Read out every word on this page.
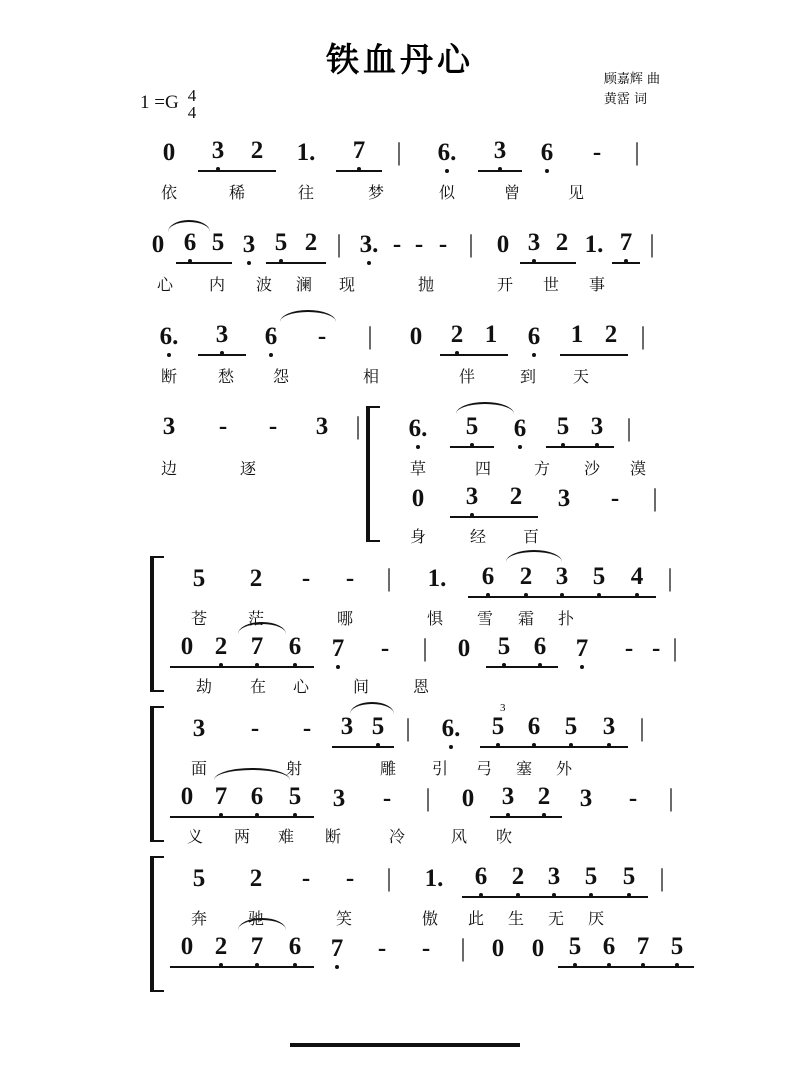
铁血丹心
顾嘉辉 曲
黄霑 词
1 =G 4
4
0	3	2	1.	7	|	6.	3	6	-	|
依	稀	往	梦	似	曾	见
0 6 5 3 5 2 | 3. - - - | 0 3 2 1. 7 |
心	内	波	澜	现	抛	开	世	事
6.	3	6	-	|	0	2 1	6	1 2 |
断	愁	怨	相	伴	到	天
3	-	-	3	|
边	逐
6.	5	6	5 3 |
草	四	方	沙	漠
0	3	2	3	-	|
身	经	百
5	2	-	-	|	1.	6	2 3 5	4 |
苍	茫	哪	惧	雪	霜	扑
0 2 7	6	7	-	|	0	5 6	7	- - |
劫	在	心	间	恩
3
3	-	-	3 5 |	6.	5 6 5	3 |
面	射	雕	引	弓	塞	外
0 7 6	5	3	-	|	0	3 2	3	-	|
义	两	难	断	冷	风	吹
5	2	-	-	|	1.	6 2 3 5	5 |
奔	驰	笑	傲	此	生	无	厌
0 2 7	6	7	-	-	|	0	0 5 6 7 5
